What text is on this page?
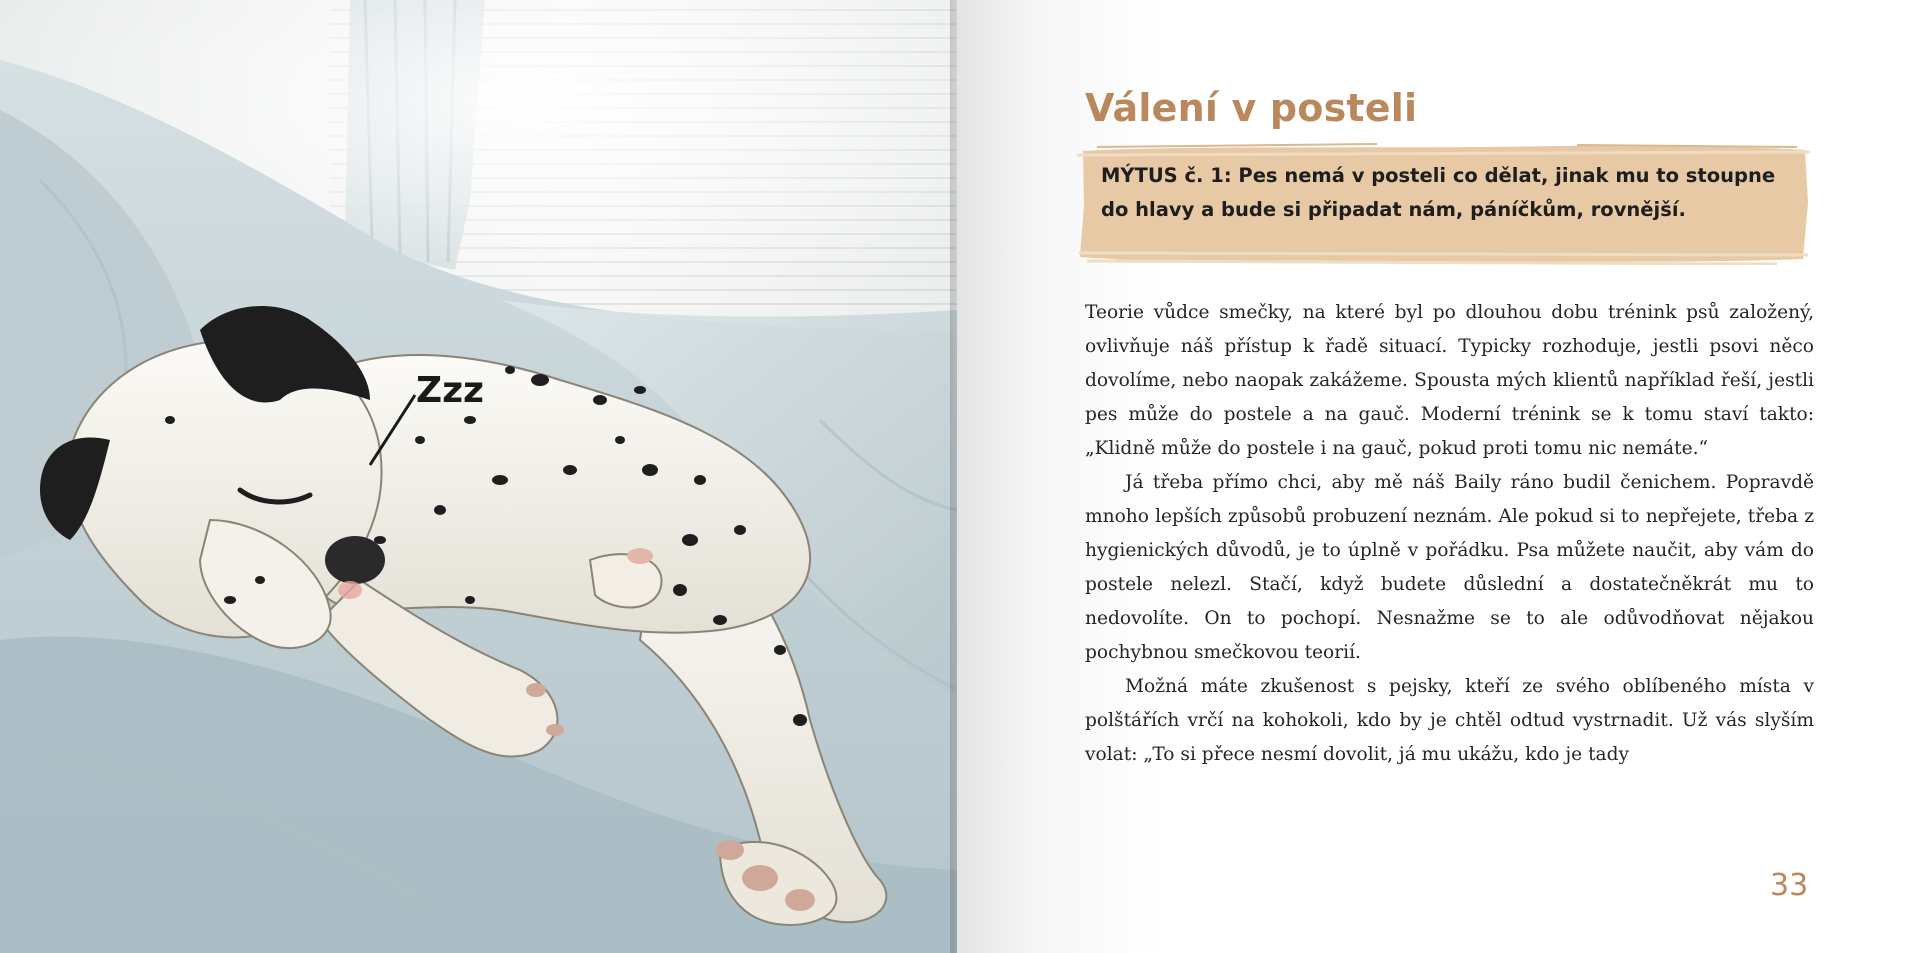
Zzz
Válení v posteli
MÝTUS č. 1: Pes nemá v posteli co dělat, jinak mu to stoupne do hlavy a bude si připadat nám, páníčkům, rovnější.

Teorie vůdce smečky, na které byl po dlouhou dobu trénink psů založený, ovlivňuje náš přístup k řadě situací. Typicky rozhoduje, jestli psovi něco dovolíme, nebo naopak zakážeme. Spousta mých klientů například řeší, jestli pes může do postele a na gauč. Moderní trénink se k tomu staví takto: „Klidně může do postele i na gauč, pokud proti tomu nic nemáte.“

Já třeba přímo chci, aby mě náš Baily ráno budil čenichem. Popravdě mnoho lepších způsobů probuzení neznám. Ale pokud si to nepřejete, třeba z hygienických důvodů, je to úplně v pořádku. Psa můžete naučit, aby vám do postele nelezl. Stačí, když budete důslední a dostatečněkrát mu to nedovolíte. On to pochopí. Nesnažme se to ale odůvodňovat nějakou pochybnou smečkovou teorií.

Možná máte zkušenost s pejsky, kteří ze svého oblíbeného místa v polštářích vrčí na kohokoli, kdo by je chtěl odtud vystrnadit. Už vás slyším volat: „To si přece nesmí dovolit, já mu ukážu, kdo je tady

33
